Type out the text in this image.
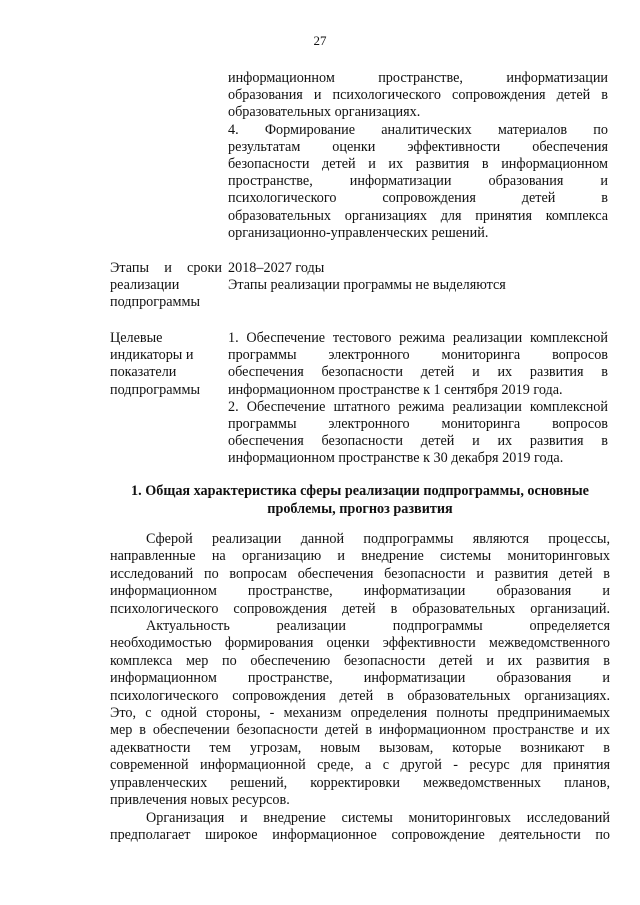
27
информационном пространстве, информатизации
образования и психологического сопровождения детей в
образовательных организациях.
4. Формирование аналитических материалов по
результатам оценки эффективности обеспечения
безопасности детей и их развития в информационном
пространстве, информатизации образования и
психологического сопровождения детей в
образовательных организациях для принятия комплекса
организационно-управленческих решений.
Этапы и сроки
реализации
подпрограммы
2018–2027 годы
Этапы реализации программы не выделяются
Целевые
индикаторы и
показатели
подпрограммы
1. Обеспечение тестового режима реализации комплексной
программы электронного мониторинга вопросов
обеспечения безопасности детей и их развития в
информационном пространстве к 1 сентября 2019 года.
2. Обеспечение штатного режима реализации комплексной
программы электронного мониторинга вопросов
обеспечения безопасности детей и их развития в
информационном пространстве к 30 декабря 2019 года.
1. Общая характеристика сферы реализации подпрограммы, основные
проблемы, прогноз развития
Сферой реализации данной подпрограммы являются процессы,
направленные на организацию и внедрение системы мониторинговых
исследований по вопросам обеспечения безопасности и развития детей в
информационном пространстве, информатизации образования и
психологического сопровождения детей в образовательных организаций.
Актуальность реализации подпрограммы определяется
необходимостью формирования оценки эффективности межведомственного
комплекса мер по обеспечению безопасности детей и их развития в
информационном пространстве, информатизации образования и
психологического сопровождения детей в образовательных организациях.
Это, с одной стороны, - механизм определения полноты предпринимаемых
мер в обеспечении безопасности детей в информационном пространстве и их
адекватности тем угрозам, новым вызовам, которые возникают в
современной информационной среде, а с другой - ресурс для принятия
управленческих решений, корректировки межведомственных планов,
привлечения новых ресурсов.
Организация и внедрение системы мониторинговых исследований
предполагает широкое информационное сопровождение деятельности по
